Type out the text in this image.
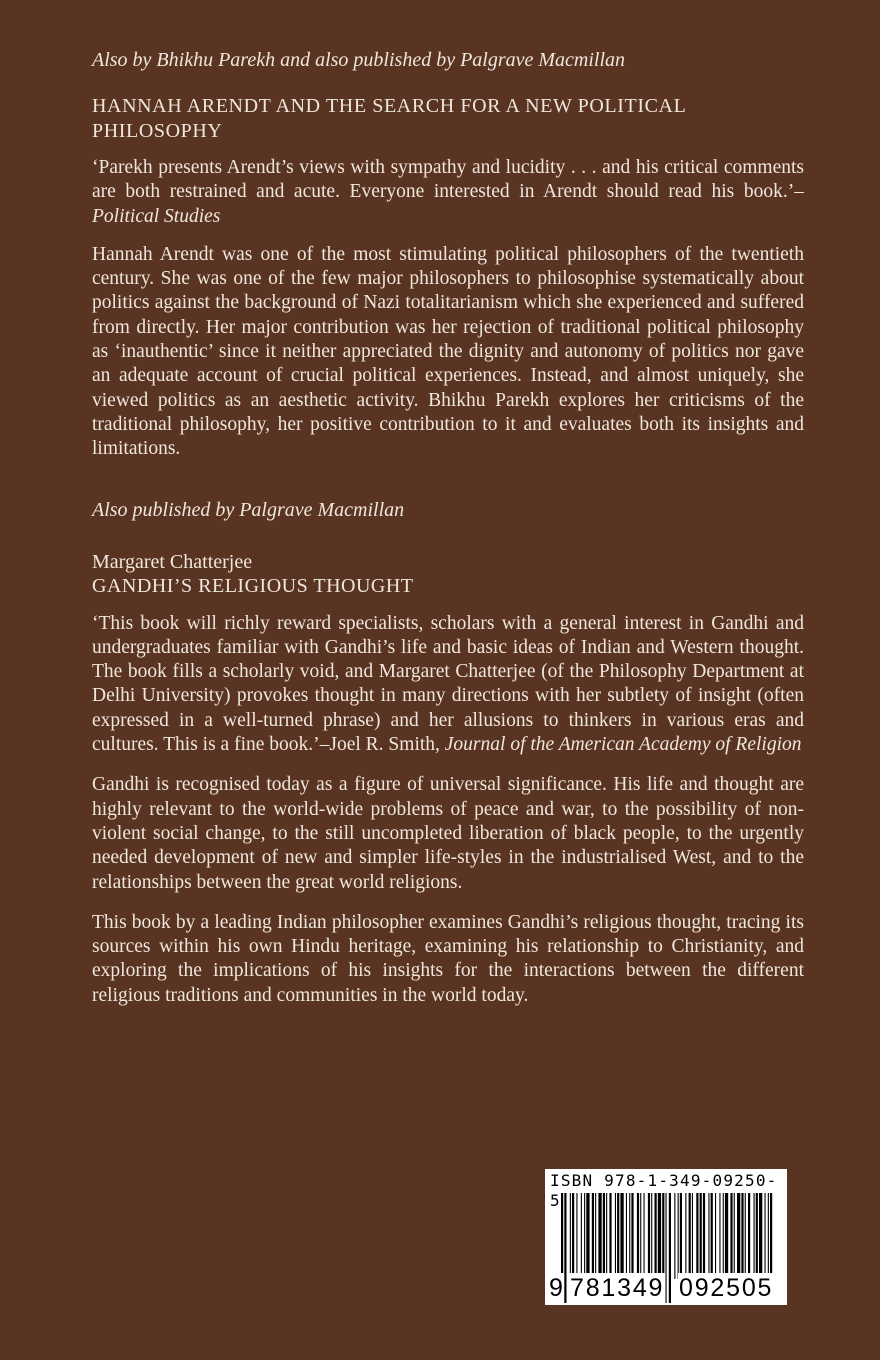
Also by Bhikhu Parekh and also published by Palgrave Macmillan

HANNAH ARENDT AND THE SEARCH FOR A NEW POLITICAL PHILOSOPHY

‘Parekh presents Arendt’s views with sympathy and lucidity . . . and his critical comments are both restrained and acute. Everyone interested in Arendt should read his book.’–Political Studies

Hannah Arendt was one of the most stimulating political philosophers of the twentieth century. She was one of the few major philosophers to philosophise systematically about politics against the background of Nazi totalitarianism which she experienced and suffered from directly. Her major contribution was her rejection of traditional political philosophy as ‘inauthentic’ since it neither appreciated the dignity and autonomy of politics nor gave an adequate account of crucial political experiences. Instead, and almost uniquely, she viewed politics as an aesthetic activity. Bhikhu Parekh explores her criticisms of the traditional philosophy, her positive contribution to it and evaluates both its insights and limitations.

Also published by Palgrave Macmillan

Margaret Chatterjee

GANDHI’S RELIGIOUS THOUGHT

‘This book will richly reward specialists, scholars with a general interest in Gandhi and undergraduates familiar with Gandhi’s life and basic ideas of Indian and Western thought. The book fills a scholarly void, and Margaret Chatterjee (of the Philosophy Department at Delhi University) provokes thought in many directions with her subtlety of insight (often expressed in a well-turned phrase) and her allusions to thinkers in various eras and cultures. This is a fine book.’–Joel R. Smith, Journal of the American Academy of Religion

Gandhi is recognised today as a figure of universal significance. His life and thought are highly relevant to the world-wide problems of peace and war, to the possibility of non-violent social change, to the still uncompleted liberation of black people, to the urgently needed development of new and simpler life-styles in the industrialised West, and to the relationships between the great world religions.

This book by a leading Indian philosopher examines Gandhi’s religious thought, tracing its sources within his own Hindu heritage, examining his relationship to Christianity, and exploring the implications of his insights for the interactions between the different religious traditions and communities in the world today.

ISBN 978-1-349-09250-5
9 781349 092505
